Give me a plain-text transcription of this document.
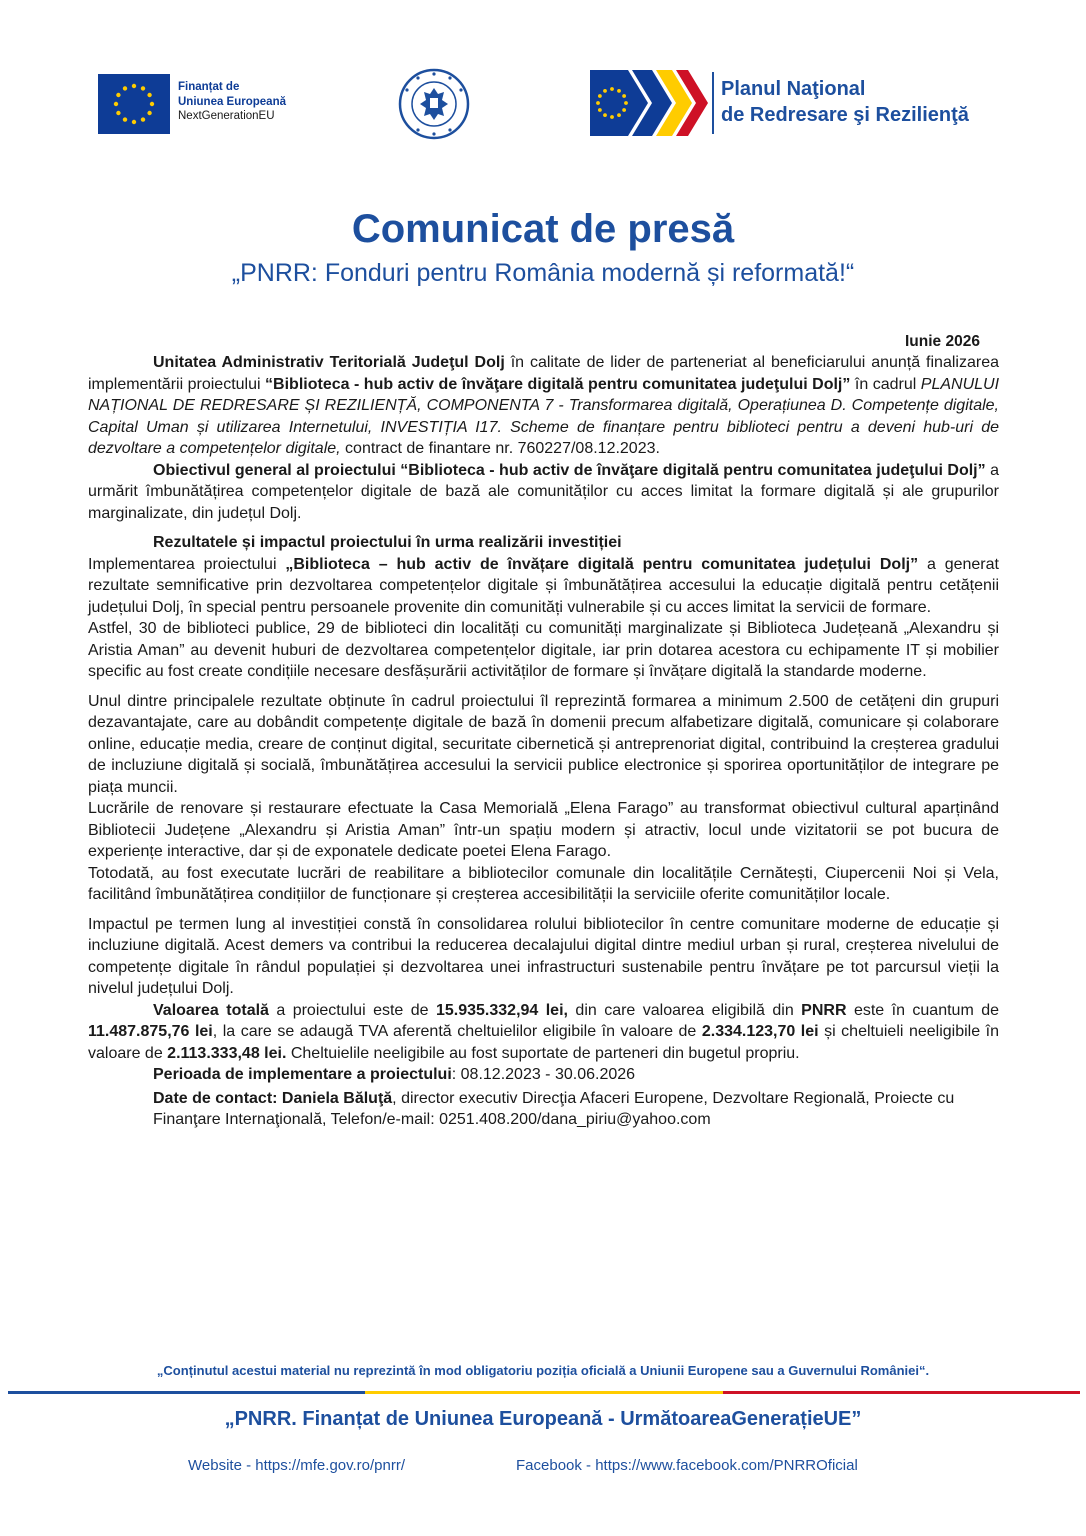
Finanțat de
Uniunea Europeană
NextGenerationEU
Planul Naţional
de Redresare şi Rezilienţă
Comunicat de presă
„PNRR: Fonduri pentru România modernă și reformată!“
Iunie 2026

Unitatea Administrativ Teritorială Judeţul Dolj în calitate de lider de parteneriat al beneficiarului anunță finalizarea implementării proiectului “Biblioteca - hub activ de învăţare digitală pentru comunitatea judeţului Dolj” în cadrul PLANULUI NAȚIONAL DE REDRESARE ȘI REZILIENȚĂ, COMPONENTA 7 - Transformarea digitală, Operațiunea D. Competențe digitale, Capital Uman și utilizarea Internetului, INVESTIȚIA I17. Scheme de finanțare pentru biblioteci pentru a deveni hub-uri de dezvoltare a competențelor digitale, contract de finantare nr. 760227/08.12.2023.

Obiectivul general al proiectului “Biblioteca - hub activ de învăţare digitală pentru comunitatea judeţului Dolj” a urmărit îmbunătățirea competențelor digitale de bază ale comunităților cu acces limitat la formare digitală și ale grupurilor marginalizate, din județul Dolj.

Rezultatele și impactul proiectului în urma realizării investiției

Implementarea proiectului „Biblioteca – hub activ de învățare digitală pentru comunitatea județului Dolj” a generat rezultate semnificative prin dezvoltarea competențelor digitale și îmbunătățirea accesului la educație digitală pentru cetățenii județului Dolj, în special pentru persoanele provenite din comunități vulnerabile și cu acces limitat la servicii de formare.

Astfel, 30 de biblioteci publice, 29 de biblioteci din localități cu comunități marginalizate și Biblioteca Județeană „Alexandru și Aristia Aman” au devenit huburi de dezvoltarea competențelor digitale, iar prin dotarea acestora cu echipamente IT și mobilier specific au fost create condițiile necesare desfășurării activităților de formare și învățare digitală la standarde moderne.

Unul dintre principalele rezultate obținute în cadrul proiectului îl reprezintă formarea a minimum 2.500 de cetățeni din grupuri dezavantajate, care au dobândit competențe digitale de bază în domenii precum alfabetizare digitală, comunicare și colaborare online, educație media, creare de conținut digital, securitate cibernetică și antreprenoriat digital, contribuind la creșterea gradului de incluziune digitală și socială, îmbunătățirea accesului la servicii publice electronice și sporirea oportunităților de integrare pe piața muncii.

Lucrările de renovare și restaurare efectuate la Casa Memorială „Elena Farago” au transformat obiectivul cultural aparținând Bibliotecii Județene „Alexandru și Aristia Aman” într-un spațiu modern și atractiv, locul unde vizitatorii se pot bucura de experiențe interactive, dar și de exponatele dedicate poetei Elena Farago.

Totodată, au fost executate lucrări de reabilitare a bibliotecilor comunale din localitățile Cernătești, Ciupercenii Noi și Vela, facilitând îmbunătățirea condițiilor de funcționare și creșterea accesibilității la serviciile oferite comunităților locale.

Impactul pe termen lung al investiției constă în consolidarea rolului bibliotecilor în centre comunitare moderne de educație și incluziune digitală. Acest demers va contribui la reducerea decalajului digital dintre mediul urban și rural, creșterea nivelului de competențe digitale în rândul populației și dezvoltarea unei infrastructuri sustenabile pentru învățare pe tot parcursul vieții la nivelul județului Dolj.

Valoarea totală a proiectului este de 15.935.332,94 lei, din care valoarea eligibilă din PNRR este în cuantum de 11.487.875,76 lei, la care se adaugă TVA aferentă cheltuielilor eligibile în valoare de 2.334.123,70 lei și cheltuieli neeligibile în valoare de 2.113.333,48 lei. Cheltuielile neeligibile au fost suportate de parteneri din bugetul propriu.

Perioada de implementare a proiectului: 08.12.2023 - 30.06.2026

Date de contact: Daniela Băluţă, director executiv Direcţia Afaceri Europene, Dezvoltare Regională, Proiecte cu Finanţare Internaţională, Telefon/e-mail: 0251.408.200/dana_piriu@yahoo.com

„Conținutul acestui material nu reprezintă în mod obligatoriu poziția oficială a Uniunii Europene sau a Guvernului României“.
„PNRR. Finanțat de Uniunea Europeană - UrmătoareaGenerațieUE”
Website - https://mfe.gov.ro/pnrr/	Facebook - https://www.facebook.com/PNRROficial
